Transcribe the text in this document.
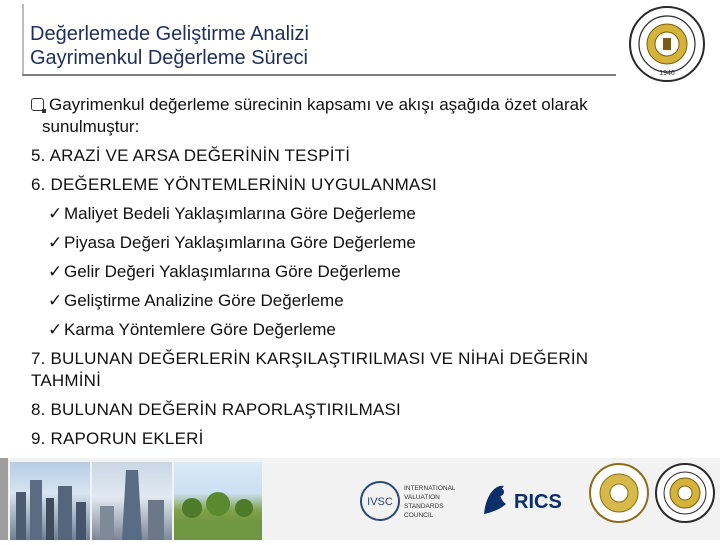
Değerlemede Geliştirme Analizi
Gayrimenkul Değerleme Süreci
1946
Gayrimenkul değerleme sürecinin kapsamı ve akışı aşağıda özet olarak
sunulmuştur:
5. ARAZİ VE ARSA DEĞERİNİN TESPİTİ
6. DEĞERLEME YÖNTEMLERİNİN UYGULANMASI
✓ Maliyet Bedeli Yaklaşımlarına Göre Değerleme
✓ Piyasa Değeri Yaklaşımlarına Göre Değerleme
✓ Gelir Değeri Yaklaşımlarına Göre Değerleme
✓ Geliştirme Analizine Göre Değerleme
✓ Karma Yöntemlere Göre Değerleme
7. BULUNAN DEĞERLERİN KARŞILAŞTIRILMASI VE NİHAİ DEĞERİN
TAHMİNİ
8. BULUNAN DEĞERİN RAPORLAŞTIRILMASI
9. RAPORUN EKLERİ
IVSC
INTERNATIONAL
VALUATION
STANDARDS
COUNCIL
RICS
